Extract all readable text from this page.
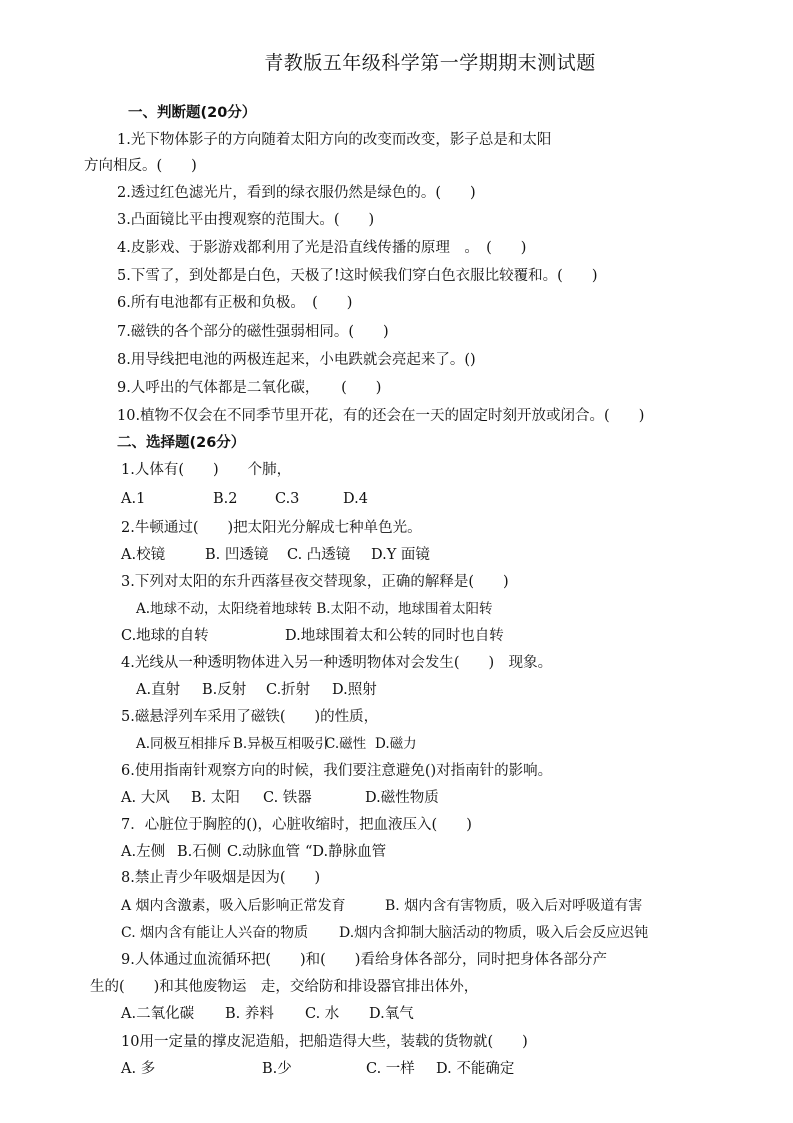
青教版五年级科学第一学期期末测试题
一、判断题(20分）
1.光下物体影子的方向随着太阳方向的改变而改变，影子总是和太阳
方向相反。(　　)
2.透过红色滤光片，看到的绿衣服仍然是绿色的。(　　)
3.凸面镜比平由搜观察的范围大。(　　)
4.皮影戏、于影游戏都利用了光是沿直线传播的原理　。　(　　)
5.下雪了，到处都是白色，天极了!这时候我们穿白色衣服比较覆和。(　　)
6.所有电池都有正极和负极。　(　　)
7.磁铁的各个部分的磁性强弱相同。(　　)
8.用导线把电池的两极连起来，小电跌就会亮起来了。()
9.人呼出的气体都是二氧化碳，　　(　　)
10.植物不仅会在不同季节里开花，有的还会在一天的固定时刻开放或闭合。(　　)
二、选择题(26分）
1.人体有(　　)　　个肺，
A.1	B.2	C.3	D.4
2.牛顿通过(　　)把太阳光分解成七种单色光。
A.校镜	B. 凹透镜 C. 凸透镜 D.Y 面镜
3.下列对太阳的东升西落昼夜交替现象，正确的解释是(　　)
A.地球不动，太阳绕着地球转 B.太阳不动，地球围着太阳转
C.地球的自转	D.地球围着太和公转的同时也自转
4.光线从一种透明物体进入另一种透明物体对会发生(　　)　现象。
A.直射 B.反射 C.折射 D.照射
5.磁悬浮列车采用了磁铁(　　)的性质，
A.同极互相排斥 B.异极互相吸引C.磁性 D.磁力
6.使用指南针观察方向的时候，我们要注意避免()对指南针的影响。
A. 大风 B. 太阳 C. 铁器	D.磁性物质
7．心脏位于胸腔的()，心脏收缩时，把血液压入(　　)
A.左侧 B.石侧 C.动脉血管 “D.静脉血管
8.禁止青少年吸烟是因为(　　)
A 烟内含激素，吸入后影响正常发育	B. 烟内含有害物质，吸入后对呼吸道有害
C. 烟内含有能让人兴奋的物质 D.烟内含抑制大脑活动的物质，吸入后会反应迟钝
9.人体通过血流循环把(　　)和(　　)看给身体各部分，同时把身体各部分产
生的(　　)和其他废物运　走，交给防和排设器官排出体外，
A.二氧化碳 B. 养料 C. 水 D.氧气
10用一定量的撑皮泥造船，把船造得大些，装载的货物就(　　)
A. 多	B.少	C. 一样 D. 不能确定
